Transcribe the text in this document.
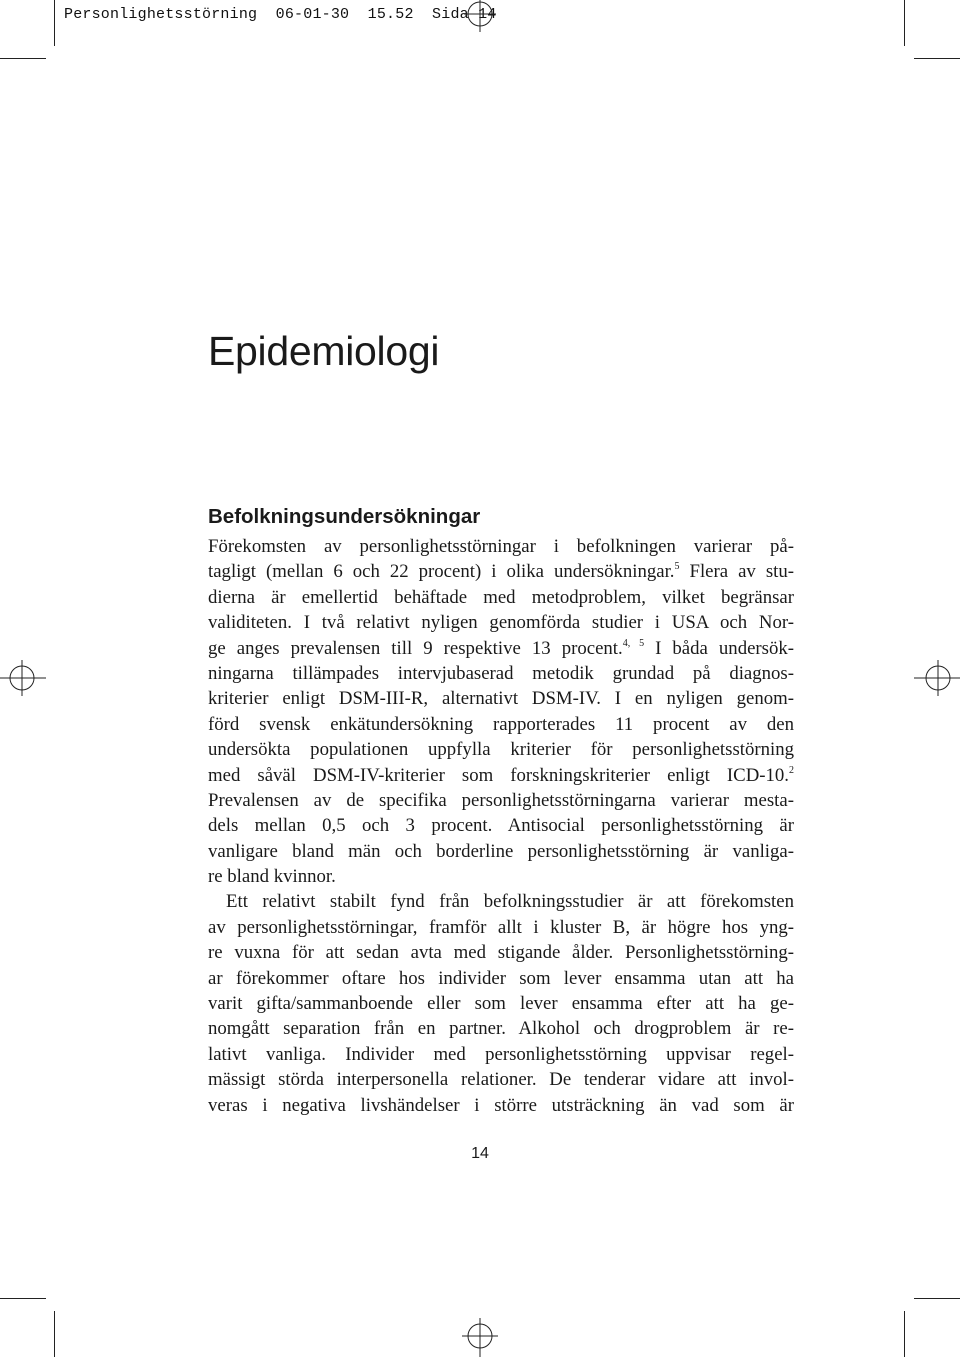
Personlighetsstörning  06-01-30  15.52  Sida 14
Epidemiologi
Befolkningsundersökningar
Förekomsten av personlighetsstörningar i befolkningen varierar på-
tagligt (mellan 6 och 22 procent) i olika undersökningar.$^5$ Flera av stu-
dierna är emellertid behäftade med metodproblem, vilket begränsar
validiteten. I två relativt nyligen genomförda studier i USA och Nor-
ge anges prevalensen till 9 respektive 13 procent.$^{4, 5}$ I båda undersök-
ningarna tillämpades intervjubaserad metodik grundad på diagnos-
kriterier enligt DSM-III-R, alternativt DSM-IV. I en nyligen genom-
förd svensk enkätundersökning rapporterades 11 procent av den
undersökta populationen uppfylla kriterier för personlighetsstörning
med såväl DSM-IV-kriterier som forskningskriterier enligt ICD-10.$^2$
Prevalensen av de specifika personlighetsstörningarna varierar mesta-
dels mellan 0,5 och 3 procent. Antisocial personlighetsstörning är
vanligare bland män och borderline personlighetsstörning är vanliga-
re bland kvinnor.
Ett relativt stabilt fynd från befolkningsstudier är att förekomsten
av personlighetsstörningar, framför allt i kluster B, är högre hos yng-
re vuxna för att sedan avta med stigande ålder. Personlighetsstörning-
ar förekommer oftare hos individer som lever ensamma utan att ha
varit gifta/sammanboende eller som lever ensamma efter att ha ge-
nomgått separation från en partner. Alkohol och drogproblem är re-
lativt vanliga. Individer med personlighetsstörning uppvisar regel-
mässigt störda interpersonella relationer. De tenderar vidare att invol-
veras i negativa livshändelser i större utsträckning än vad som är
14
